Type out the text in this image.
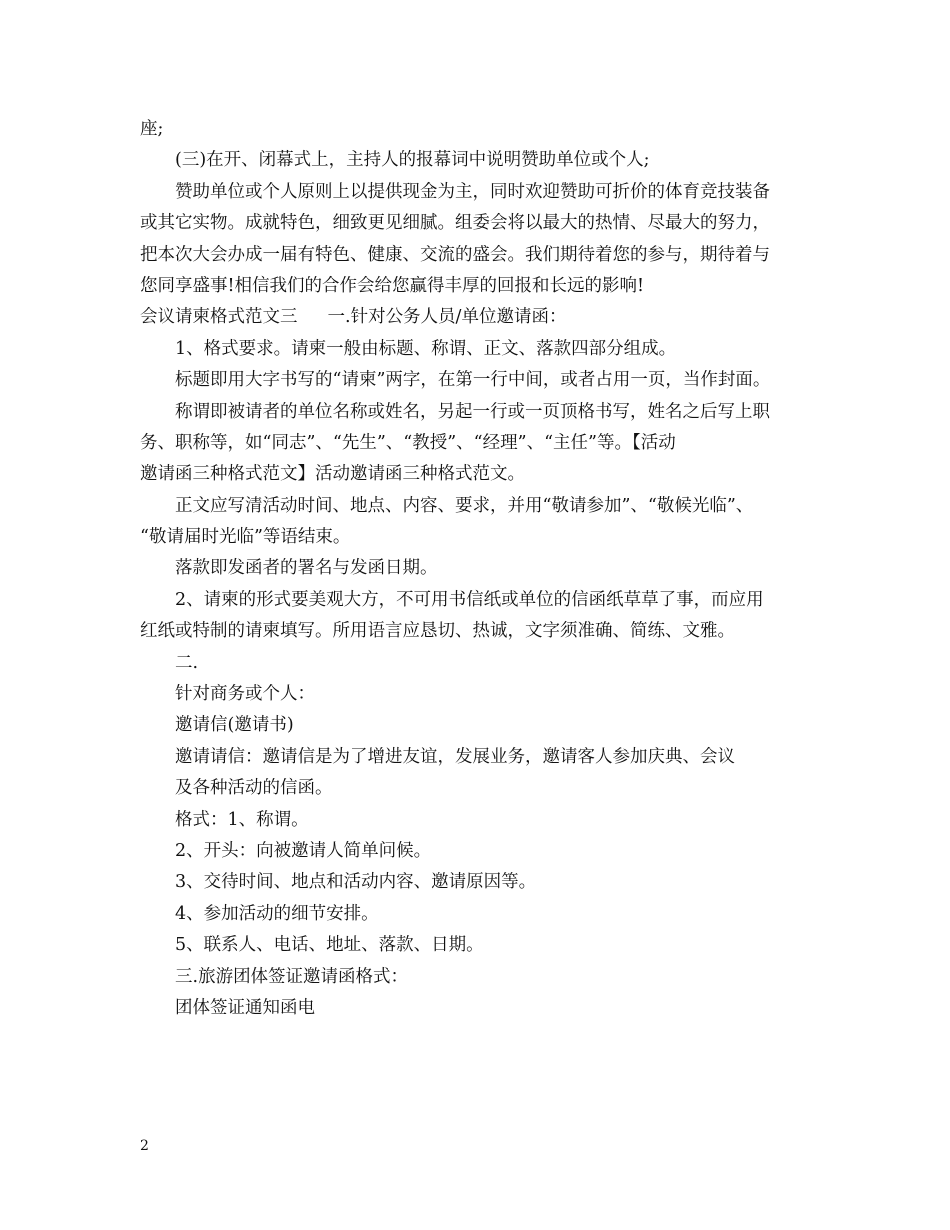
座;
(三)在开、闭幕式上，主持人的报幕词中说明赞助单位或个人;
赞助单位或个人原则上以提供现金为主，同时欢迎赞助可折价的体育竞技装备
或其它实物。成就特色，细致更见细腻。组委会将以最大的热情、尽最大的努力，
把本次大会办成一届有特色、健康、交流的盛会。我们期待着您的参与，期待着与
您同享盛事!相信我们的合作会给您赢得丰厚的回报和长远的影响!
会议请柬格式范文三 一.针对公务人员/单位邀请函：
1、格式要求。请柬一般由标题、称谓、正文、落款四部分组成。
标题即用大字书写的“请柬”两字，在第一行中间，或者占用一页，当作封面。
称谓即被请者的单位名称或姓名，另起一行或一页顶格书写，姓名之后写上职
务、职称等，如“同志”、“先生”、“教授”、“经理”、“主任”等。【活动
邀请函三种格式范文】活动邀请函三种格式范文。
正文应写清活动时间、地点、内容、要求，并用“敬请参加”、“敬候光临”、
“敬请届时光临”等语结束。
落款即发函者的署名与发函日期。
2、请柬的形式要美观大方，不可用书信纸或单位的信函纸草草了事，而应用
红纸或特制的请柬填写。所用语言应恳切、热诚，文字须准确、简练、文雅。
二.
针对商务或个人：
邀请信(邀请书)
邀请请信：邀请信是为了增进友谊，发展业务，邀请客人参加庆典、会议
及各种活动的信函。
格式：1、称谓。
2、开头：向被邀请人简单问候。
3、交待时间、地点和活动内容、邀请原因等。
4、参加活动的细节安排。
5、联系人、电话、地址、落款、日期。
三.旅游团体签证邀请函格式：
团体签证通知函电
2
